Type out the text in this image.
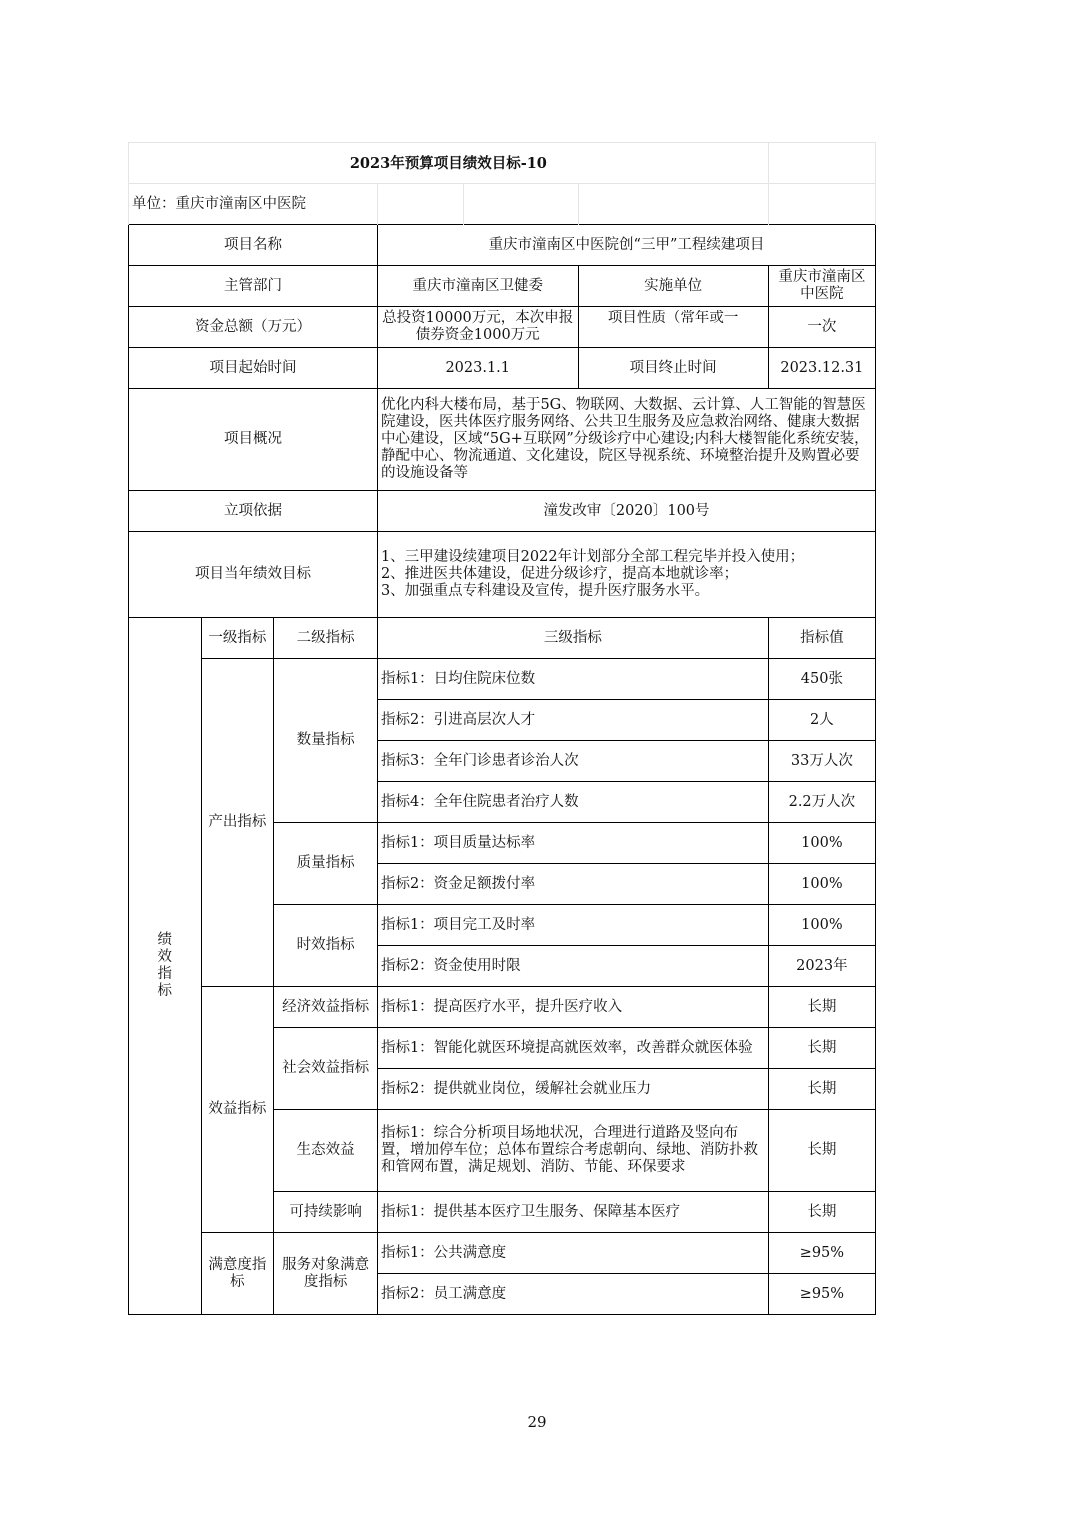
2023年预算项目绩效目标-10						
单位：重庆市潼南区中医院						
项目名称			重庆市潼南区中医院创“三甲”工程续建项目			
主管部门			重庆市潼南区卫健委		实施单位	重庆市潼南区中医院
资金总额（万元）			总投资10000万元，本次申报债券资金1000万元		项目性质（常年或一	一次
项目起始时间			2023.1.1		项目终止时间	2023.12.31
项目概况			优化内科大楼布局，基于5G、物联网、大数据、云计算、人工智能的智慧医院建设，医共体医疗服务网络、公共卫生服务及应急救治网络、健康大数据中心建设，区域“5G+互联网”分级诊疗中心建设;内科大楼智能化系统安装，静配中心、物流通道、文化建设，院区导视系统、环境整治提升及购置必要的设施设备等			
立项依据			潼发改审〔2020〕100号			
项目当年绩效目标			1、三甲建设续建项目2022年计划部分全部工程完毕并投入使用；
2、推进医共体建设，促进分级诊疗，提高本地就诊率；
3、加强重点专科建设及宣传，提升医疗服务水平。			

绩效指标	一级指标	二级指标	三级指标			指标值
	产出指标	数量指标	指标1：日均住院床位数			450张
			指标2：引进高层次人才			2人
			指标3：全年门诊患者诊治人次			33万人次
			指标4：全年住院患者治疗人数			2.2万人次
		质量指标	指标1：项目质量达标率			100%
			指标2：资金足额拨付率			100%
		时效指标	指标1：项目完工及时率			100%
			指标2：资金使用时限			2023年
	效益指标	经济效益指标	指标1：提高医疗水平，提升医疗收入			长期
		社会效益指标	指标1：智能化就医环境提高就医效率，改善群众就医体验			长期
			指标2：提供就业岗位，缓解社会就业压力			长期
		生态效益	指标1：综合分析项目场地状况，合理进行道路及竖向布置，增加停车位；总体布置综合考虑朝向、绿地、消防扑救和管网布置，满足规划、消防、节能、环保要求			长期
		可持续影响	指标1：提供基本医疗卫生服务、保障基本医疗			长期
	满意度指标	服务对象满意度指标	指标1：公共满意度			≥95%
			指标2：员工满意度			≥95%
29
